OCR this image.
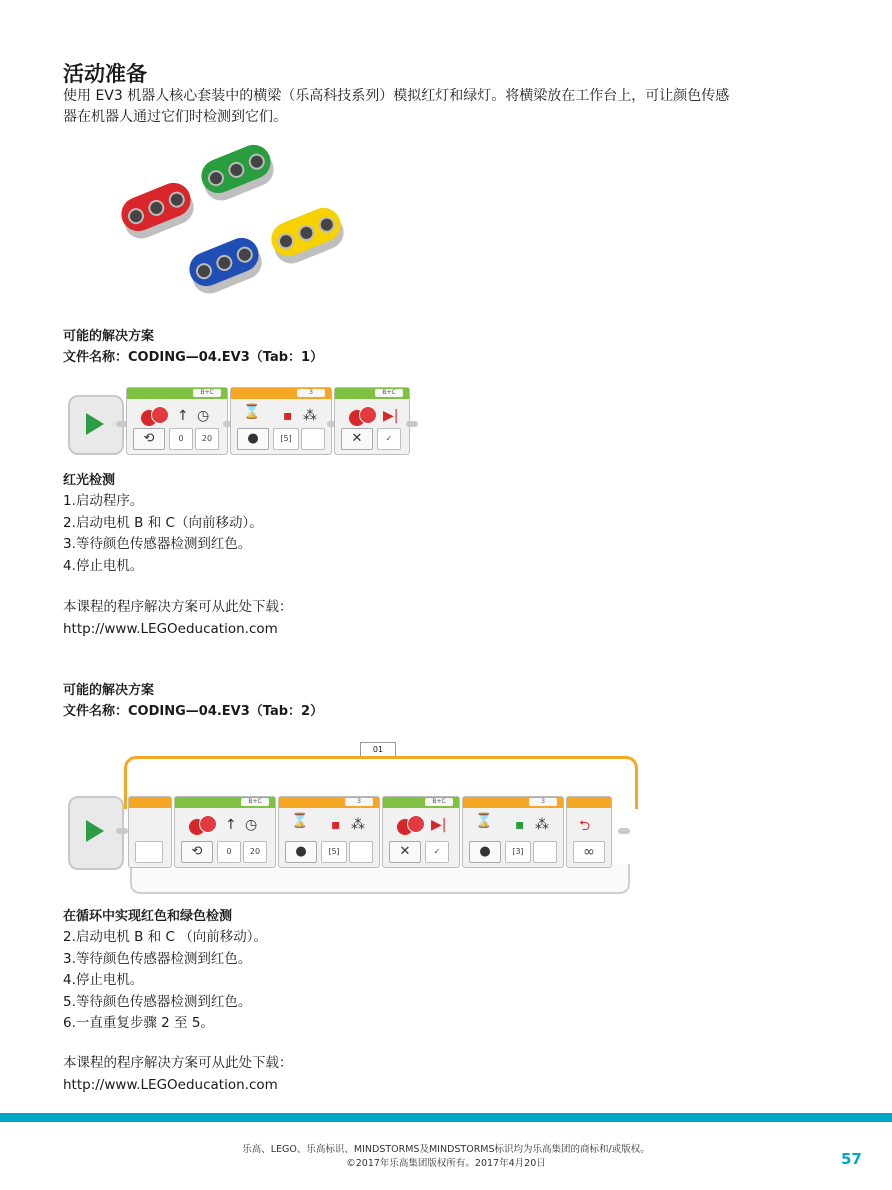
活动准备
使用 EV3 机器人核心套装中的横梁（乐高科技系列）模拟红灯和绿灯。将横梁放在工作台上，可让颜色传感器在机器人通过它们时检测到它们。
可能的解决方案
文件名称：CODING—04.EV3（Tab：1）
B+C
↑ ◷
⟲	0	20
3
⌛ ▪ ⁂
●	[5]
B+C
▶|
✕	✓
红光检测
1.启动程序。
2.启动电机 B 和 C（向前移动）。
3.等待颜色传感器检测到红色。
4.停止电机。
本课程的程序解决方案可从此处下载：
http://www.LEGOeducation.com
可能的解决方案
文件名称：CODING—04.EV3（Tab：2）
01
B+C
↑ ◷
⟲	0	20
3
⌛ ▪ ⁂
●	[5]
B+C
▶|
✕	✓
3
⌛ ▪ ⁂
●	[3]
⮌
∞
在循环中实现红色和绿色检测
2.启动电机 B 和 C （向前移动）。
3.等待颜色传感器检测到红色。
4.停止电机。
5.等待颜色传感器检测到红色。
6.一直重复步骤 2 至 5。
本课程的程序解决方案可从此处下载：
http://www.LEGOeducation.com
乐高、LEGO、乐高标识、MINDSTORMS及MINDSTORMS标识均为乐高集团的商标和/或版权。
©2017年乐高集团版权所有。2017年4月20日	57
